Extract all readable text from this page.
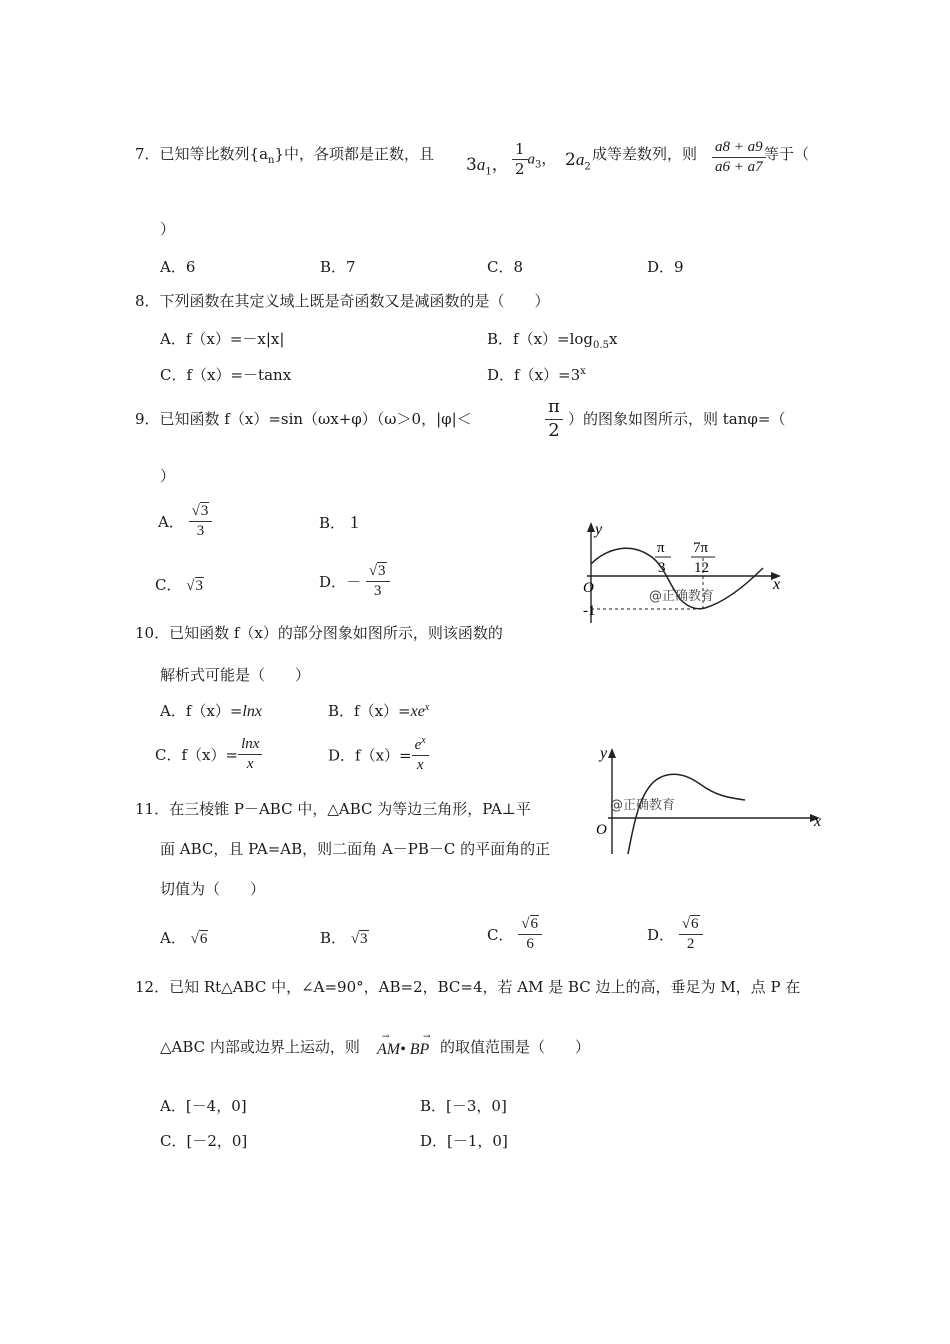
7．已知等比数列$\{a_n\}$中，各项都是正数，且
$3a_1$， $\frac{1}{2} a_3$， $2a_2$
成等差数列，则 $\frac{a8 + a9}{a6 + a7}$
等于（
）
A．6	B．7	C．8	D．9
8．下列函数在其定义域上既是奇函数又是减函数的是（　　）
A．f（x）=－x|x|	B．$f(x)=\log_{0.5}x$
C．f（x）=－tanx	D．$f(x)=3^x$
9．已知函数 f（x）=sin（ωx+φ）（ω＞0，|φ|＜	$\frac{\pi}{2}$ ）的图象如图所示，则 tanφ=（
）
A． $\frac{√3}{3}$	B． 1
C． √3	D．－ $\frac{√3}{3}$
y
x
O
π
3
7π
12
-1
@正确教育
10．已知函数 f（x）的部分图象如图所示，则该函数的
解析式可能是（　　）
A．f（x）=lnx	B．$f(x)=xe^x$
C．$f(x)= \frac{\ln x}{x}$	D．$f(x)= \frac{e^x}{x}$	y
x
O
@正确教育
11．在三棱锥 P－ABC 中，△ABC 为等边三角形，PA⊥平
面 ABC，且 PA=AB，则二面角 A－PB－C 的平面角的正
切值为（　　）
A． √6	B． √3	C． $\frac{√6}{6}$	D． $\frac{√6}{2}$
12．已知 Rt△ABC 中，∠A=90°，AB=2，BC=4，若 AM 是 BC 边上的高，垂足为 M，点 P 在
△ABC 内部或边界上运动，则
→	→
AM• BP 的取值范围是（　　）
A．[－4，0]	B．[－3，0]
C．[－2，0]	D．[－1，0]
